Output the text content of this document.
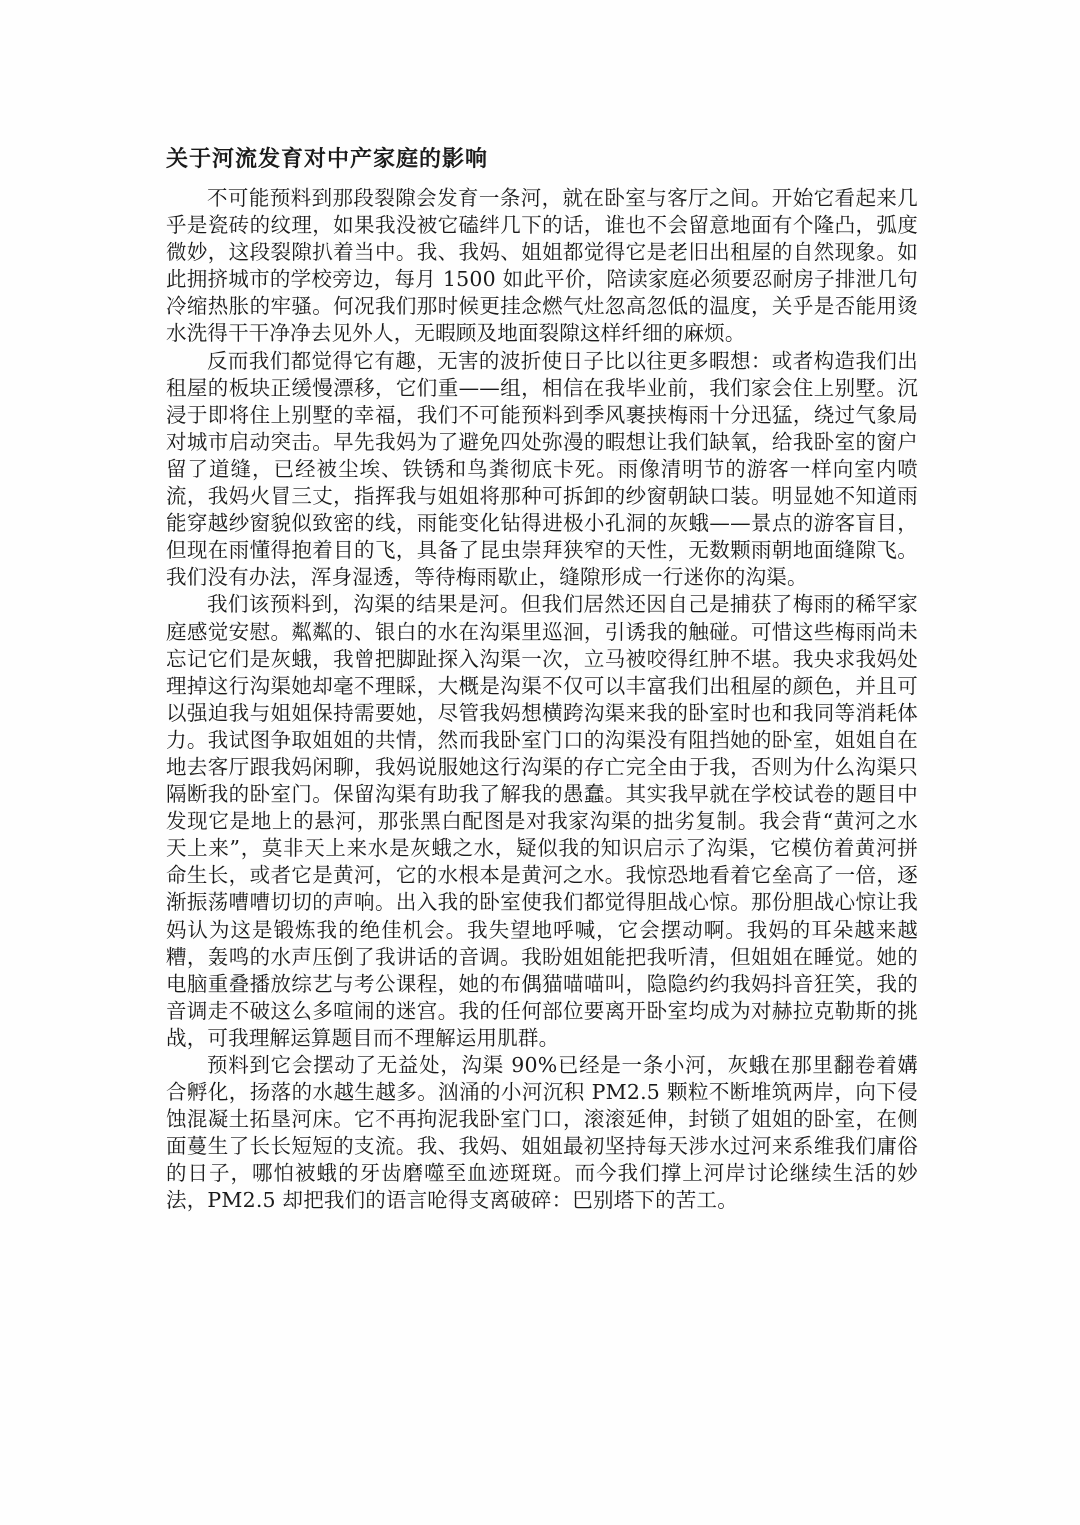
关于河流发育对中产家庭的影响

不可能预料到那段裂隙会发育一条河，就在卧室与客厅之间。开始它看起来几乎是瓷砖的纹理，如果我没被它磕绊几下的话，谁也不会留意地面有个隆凸，弧度微妙，这段裂隙扒着当中。我、我妈、姐姐都觉得它是老旧出租屋的自然现象。如此拥挤城市的学校旁边，每月 1500 如此平价，陪读家庭必须要忍耐房子排泄几句冷缩热胀的牢骚。何况我们那时候更挂念燃气灶忽高忽低的温度，关乎是否能用烫水洗得干干净净去见外人，无暇顾及地面裂隙这样纤细的麻烦。

反而我们都觉得它有趣，无害的波折使日子比以往更多暇想：或者构造我们出租屋的板块正缓慢漂移，它们重——组，相信在我毕业前，我们家会住上别墅。沉浸于即将住上别墅的幸福，我们不可能预料到季风裹挟梅雨十分迅猛，绕过气象局对城市启动突击。早先我妈为了避免四处弥漫的暇想让我们缺氧，给我卧室的窗户留了道缝，已经被尘埃、铁锈和鸟粪彻底卡死。雨像清明节的游客一样向室内喷流，我妈火冒三丈，指挥我与姐姐将那种可拆卸的纱窗朝缺口装。明显她不知道雨能穿越纱窗貌似致密的线，雨能变化钻得进极小孔洞的灰蛾——景点的游客盲目，但现在雨懂得抱着目的飞，具备了昆虫崇拜狭窄的天性，无数颗雨朝地面缝隙飞。我们没有办法，浑身湿透，等待梅雨歇止，缝隙形成一行迷你的沟渠。

我们该预料到，沟渠的结果是河。但我们居然还因自己是捕获了梅雨的稀罕家庭感觉安慰。粼粼的、银白的水在沟渠里巡洄，引诱我的触碰。可惜这些梅雨尚未忘记它们是灰蛾，我曾把脚趾探入沟渠一次，立马被咬得红肿不堪。我央求我妈处理掉这行沟渠她却毫不理睬，大概是沟渠不仅可以丰富我们出租屋的颜色，并且可以强迫我与姐姐保持需要她，尽管我妈想横跨沟渠来我的卧室时也和我同等消耗体力。我试图争取姐姐的共情，然而我卧室门口的沟渠没有阻挡她的卧室，姐姐自在地去客厅跟我妈闲聊，我妈说服她这行沟渠的存亡完全由于我，否则为什么沟渠只隔断我的卧室门。保留沟渠有助我了解我的愚蠢。其实我早就在学校试卷的题目中发现它是地上的悬河，那张黑白配图是对我家沟渠的拙劣复制。我会背“黄河之水天上来”，莫非天上来水是灰蛾之水，疑似我的知识启示了沟渠，它模仿着黄河拼命生长，或者它是黄河，它的水根本是黄河之水。我惊恐地看着它垒高了一倍，逐渐振荡嘈嘈切切的声响。出入我的卧室使我们都觉得胆战心惊。那份胆战心惊让我妈认为这是锻炼我的绝佳机会。我失望地呼喊，它会摆动啊。我妈的耳朵越来越糟，轰鸣的水声压倒了我讲话的音调。我盼姐姐能把我听清，但姐姐在睡觉。她的电脑重叠播放综艺与考公课程，她的布偶猫喵喵叫，隐隐约约我妈抖音狂笑，我的音调走不破这么多喧闹的迷宫。我的任何部位要离开卧室均成为对赫拉克勒斯的挑战，可我理解运算题目而不理解运用肌群。

预料到它会摆动了无益处，沟渠 90%已经是一条小河，灰蛾在那里翻卷着媾合孵化，扬落的水越生越多。汹涌的小河沉积 PM2.5 颗粒不断堆筑两岸，向下侵蚀混凝土拓垦河床。它不再拘泥我卧室门口，滚滚延伸，封锁了姐姐的卧室，在侧面蔓生了长长短短的支流。我、我妈、姐姐最初坚持每天涉水过河来系维我们庸俗的日子，哪怕被蛾的牙齿磨噬至血迹斑斑。而今我们撑上河岸讨论继续生活的妙法，PM2.5 却把我们的语言呛得支离破碎：巴别塔下的苦工。
